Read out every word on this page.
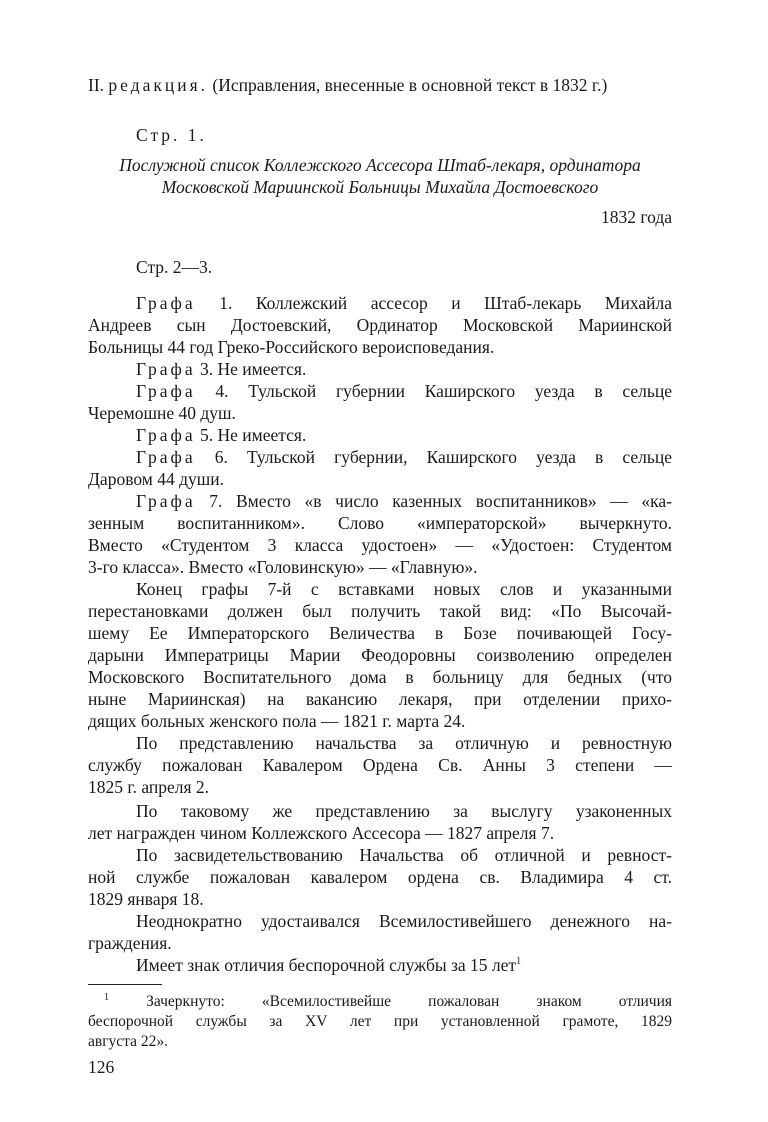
II. редакция. (Исправления, внесенные в основной текст в 1832 г.)
Стр. 1.
Послужной список Коллежского Ассесора Штаб-лекаря, ординатора
Московской Мариинской Больницы Михайла Достоевского
1832 года
Стр. 2—3.
Графа 1. Коллежский ассесор и Штаб-лекарь Михайла
Андреев сын Достоевский, Ординатор Московской Мариинской
Больницы 44 год Греко-Российского вероисповедания.
Графа 3. Не имеется.
Графа 4. Тульской губернии Каширского уезда в сельце
Черемошне 40 душ.
Графа 5. Не имеется.
Графа 6. Тульской губернии, Каширского уезда в сельце
Даровом 44 души.
Графа 7. Вместо «в число казенных воспитанников» — «ка-
зенным воспитанником». Слово «императорской» вычеркнуто.
Вместо «Студентом 3 класса удостоен» — «Удостоен: Студентом
3-го класса». Вместо «Головинскую» — «Главную».
Конец графы 7-й с вставками новых слов и указанными
перестановками должен был получить такой вид: «По Высочай-
шему Ее Императорского Величества в Бозе почивающей Госу-
дарыни Императрицы Марии Феодоровны соизволению определен
Московского Воспитательного дома в больницу для бедных (что
ныне Мариинская) на вакансию лекаря, при отделении прихо-
дящих больных женского пола — 1821 г. марта 24.
По представлению начальства за отличную и ревностную
службу пожалован Кавалером Ордена Св. Анны 3 степени —
1825 г. апреля 2.
По таковому же представлению за выслугу узаконенных
лет награжден чином Коллежского Ассесора — 1827 апреля 7.
По засвидетельствованию Начальства об отличной и ревност-
ной службе пожалован кавалером ордена св. Владимира 4 ст.
1829 января 18.
Неоднократно удостаивался Всемилостивейшего денежного на-
граждения.
Имеет знак отличия беспорочной службы за 15 лет$^1$
$^1$ Зачеркнуто: «Всемилостивейше пожалован знаком отличия
беспорочной службы за XV лет при установленной грамоте, 1829
августа 22».
126
